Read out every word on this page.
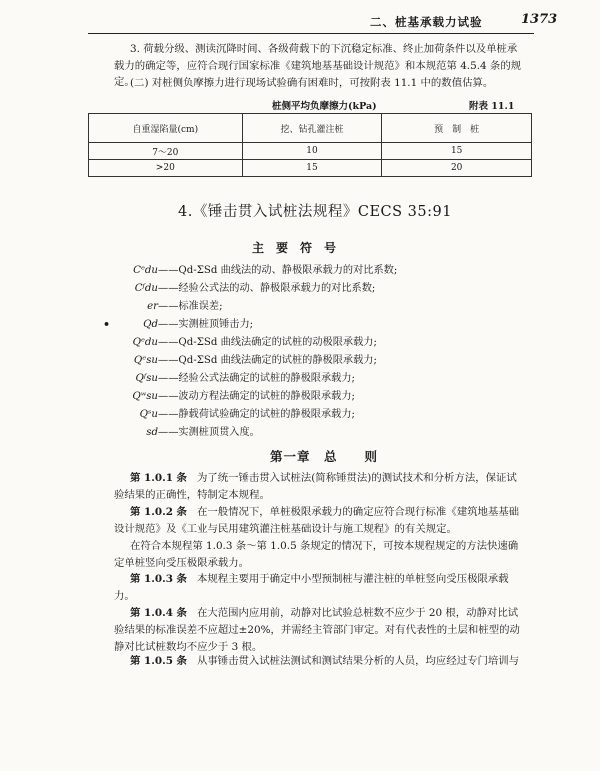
二、桩基承载力试验	1373
3. 荷载分级、测读沉降时间、各级荷载下的下沉稳定标准、终止加荷条件以及单桩承载力的确定等，应符合现行国家标准《建筑地基基础设计规范》和本规范第 4.5.4 条的规定。
(二) 对桩侧负摩擦力进行现场试验确有困难时，可按附表 11.1 中的数值估算。
桩侧平均负摩擦力(kPa)	附表 11.1
自重湿陷量(cm)	挖、钻孔灌注桩	预　制　桩
7～20	10	15
>20	15	20
4.《锤击贯入试桩法规程》CECS 35:91
主要符号
•
Cᵉdu——Qd-ΣSd 曲线法的动、静极限承载力的对比系数;
Cᶠdu——经验公式法的动、静极限承载力的对比系数;
er——标准误差;
Qd——实测桩顶锤击力;
Qᵉdu——Qd-ΣSd 曲线法确定的试桩的动极限承载力;
Qᵉsu——Qd-ΣSd 曲线法确定的试桩的静极限承载力;
Qᶠsu——经验公式法确定的试桩的静极限承载力;
Qʷsu——波动方程法确定的试桩的静极限承载力;
Qˢu——静载荷试验确定的试桩的静极限承载力;
sd——实测桩顶贯入度。
第一章　总　　则
第 1.0.1 条 为了统一锤击贯入试桩法(简称锤贯法)的测试技术和分析方法，保证试验结果的正确性，特制定本规程。
第 1.0.2 条 在一般情况下，单桩极限承载力的确定应符合现行标准《建筑地基基础设计规范》及《工业与民用建筑灌注桩基础设计与施工规程》的有关规定。
在符合本规程第 1.0.3 条～第 1.0.5 条规定的情况下，可按本规程规定的方法快速确定单桩竖向受压极限承载力。
第 1.0.3 条 本规程主要用于确定中小型预制桩与灌注桩的单桩竖向受压极限承载力。
第 1.0.4 条 在大范围内应用前，动静对比试验总桩数不应少于 20 根，动静对比试验结果的标准误差不应超过±20%，并需经主管部门审定。对有代表性的土层和桩型的动静对比试桩数均不应少于 3 根。
第 1.0.5 条 从事锤击贯入试桩法测试和测试结果分析的人员，均应经过专门培训与
